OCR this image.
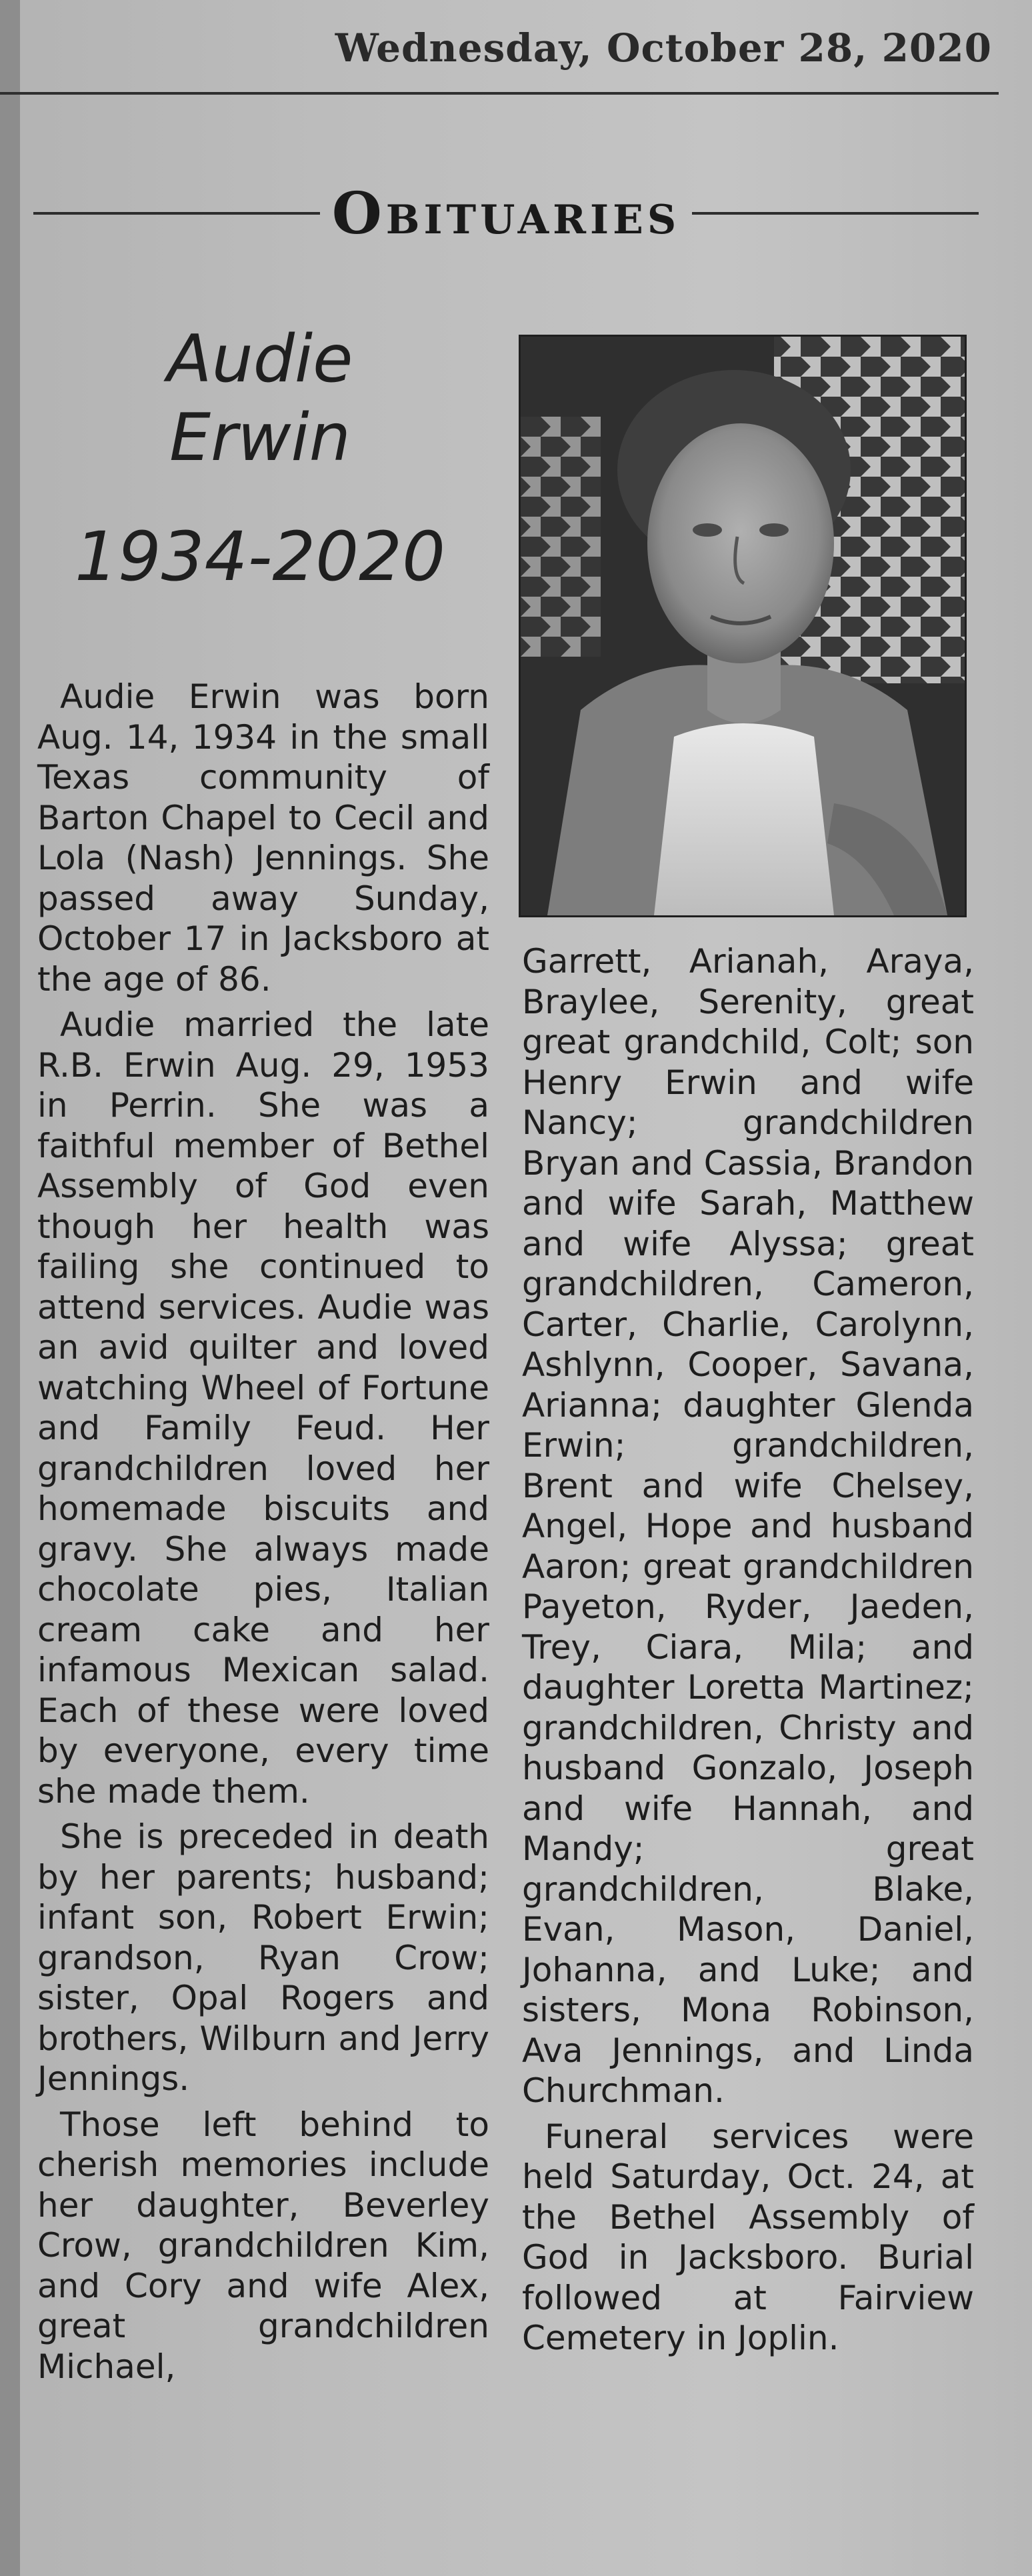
Wednesday, October 28, 2020
Obituaries
Audie
Erwin
1934-2020

Audie Erwin was born Aug. 14, 1934 in the small Texas community of Barton Chapel to Cecil and Lola (Nash) Jennings. She passed away Sunday, October 17 in Jacksboro at the age of 86.

Audie married the late R.B. Erwin Aug. 29, 1953 in Perrin. She was a faithful member of Bethel Assembly of God even though her health was failing she continued to attend services. Audie was an avid quilter and loved watching Wheel of Fortune and Family Feud. Her grandchildren loved her homemade biscuits and gravy. She always made chocolate pies, Italian cream cake and her infamous Mexican salad. Each of these were loved by everyone, every time she made them.

She is preceded in death by her parents; husband; infant son, Robert Erwin; grandson, Ryan Crow; sister, Opal Rogers and brothers, Wilburn and Jerry Jennings.

Those left behind to cherish memories include her daughter, Beverley Crow, grandchildren Kim, and Cory and wife Alex, great grandchildren Michael,

Garrett, Arianah, Araya, Braylee, Serenity, great great grandchild, Colt; son Henry Erwin and wife Nancy; grandchildren Bryan and Cassia, Brandon and wife Sarah, Matthew and wife Alyssa; great grandchildren, Cameron, Carter, Charlie, Carolynn, Ashlynn, Cooper, Savana, Arianna; daughter Glenda Erwin; grandchildren, Brent and wife Chelsey, Angel, Hope and husband Aaron; great grandchildren Payeton, Ryder, Jaeden, Trey, Ciara, Mila; and daughter Loretta Martinez; grandchildren, Christy and husband Gonzalo, Joseph and wife Hannah, and Mandy; great grandchildren, Blake, Evan, Mason, Daniel, Johanna, and Luke; and sisters, Mona Robinson, Ava Jennings, and Linda Churchman.

Funeral services were held Saturday, Oct. 24, at the Bethel Assembly of God in Jacksboro. Burial followed at Fairview Cemetery in Joplin.
